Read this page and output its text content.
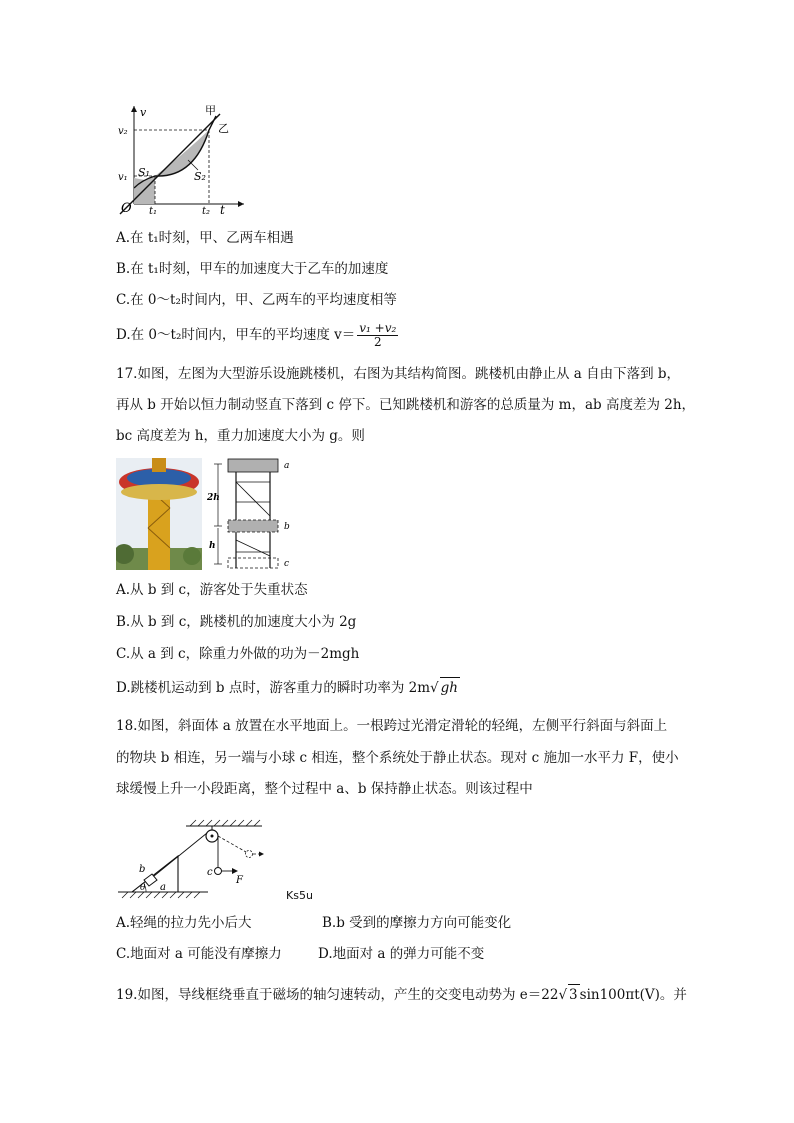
v
v₂
v₁
O t₁	t₂ t
S₁	S₂
甲
乙
A.在 t₁时刻，甲、乙两车相遇
B.在 t₁时刻，甲车的加速度大于乙车的加速度
C.在 0～t₂时间内，甲、乙两车的平均速度相等
D.在 0～t₂时间内，甲车的平均速度 $v= \frac{\text{v₁ +v₂}}{2}$
17.如图，左图为大型游乐设施跳楼机，右图为其结构简图。跳楼机由静止从 a 自由下落到 b，
再从 b 开始以恒力制动竖直下落到 c 停下。已知跳楼机和游客的总质量为 m，ab 高度差为 2h，
bc 高度差为 h，重力加速度大小为 g。则
2h
h
a
b
c
A.从 b 到 c，游客处于失重状态
B.从 b 到 c，跳楼机的加速度大小为 2g
C.从 a 到 c，除重力外做的功为－2mgh
D.跳楼机运动到 b 点时，游客重力的瞬时功率为 2m√ gh
18.如图，斜面体 a 放置在水平地面上。一根跨过光滑定滑轮的轻绳，左侧平行斜面与斜面上
的物块 b 相连，另一端与小球 c 相连，整个系统处于静止状态。现对 c 施加一水平力 F，使小
球缓慢上升一小段距离，整个过程中 a、b 保持静止状态。则该过程中
b
a
θ
c
F
Ks5u
A.轻绳的拉力先小后大	B.b 受到的摩擦力方向可能变化
C.地面对 a 可能没有摩擦力	D.地面对 a 的弹力可能不变
19.如图，导线框绕垂直于磁场的轴匀速转动，产生的交变电动势为 e＝22√ 3 sin100πt(V)。并
